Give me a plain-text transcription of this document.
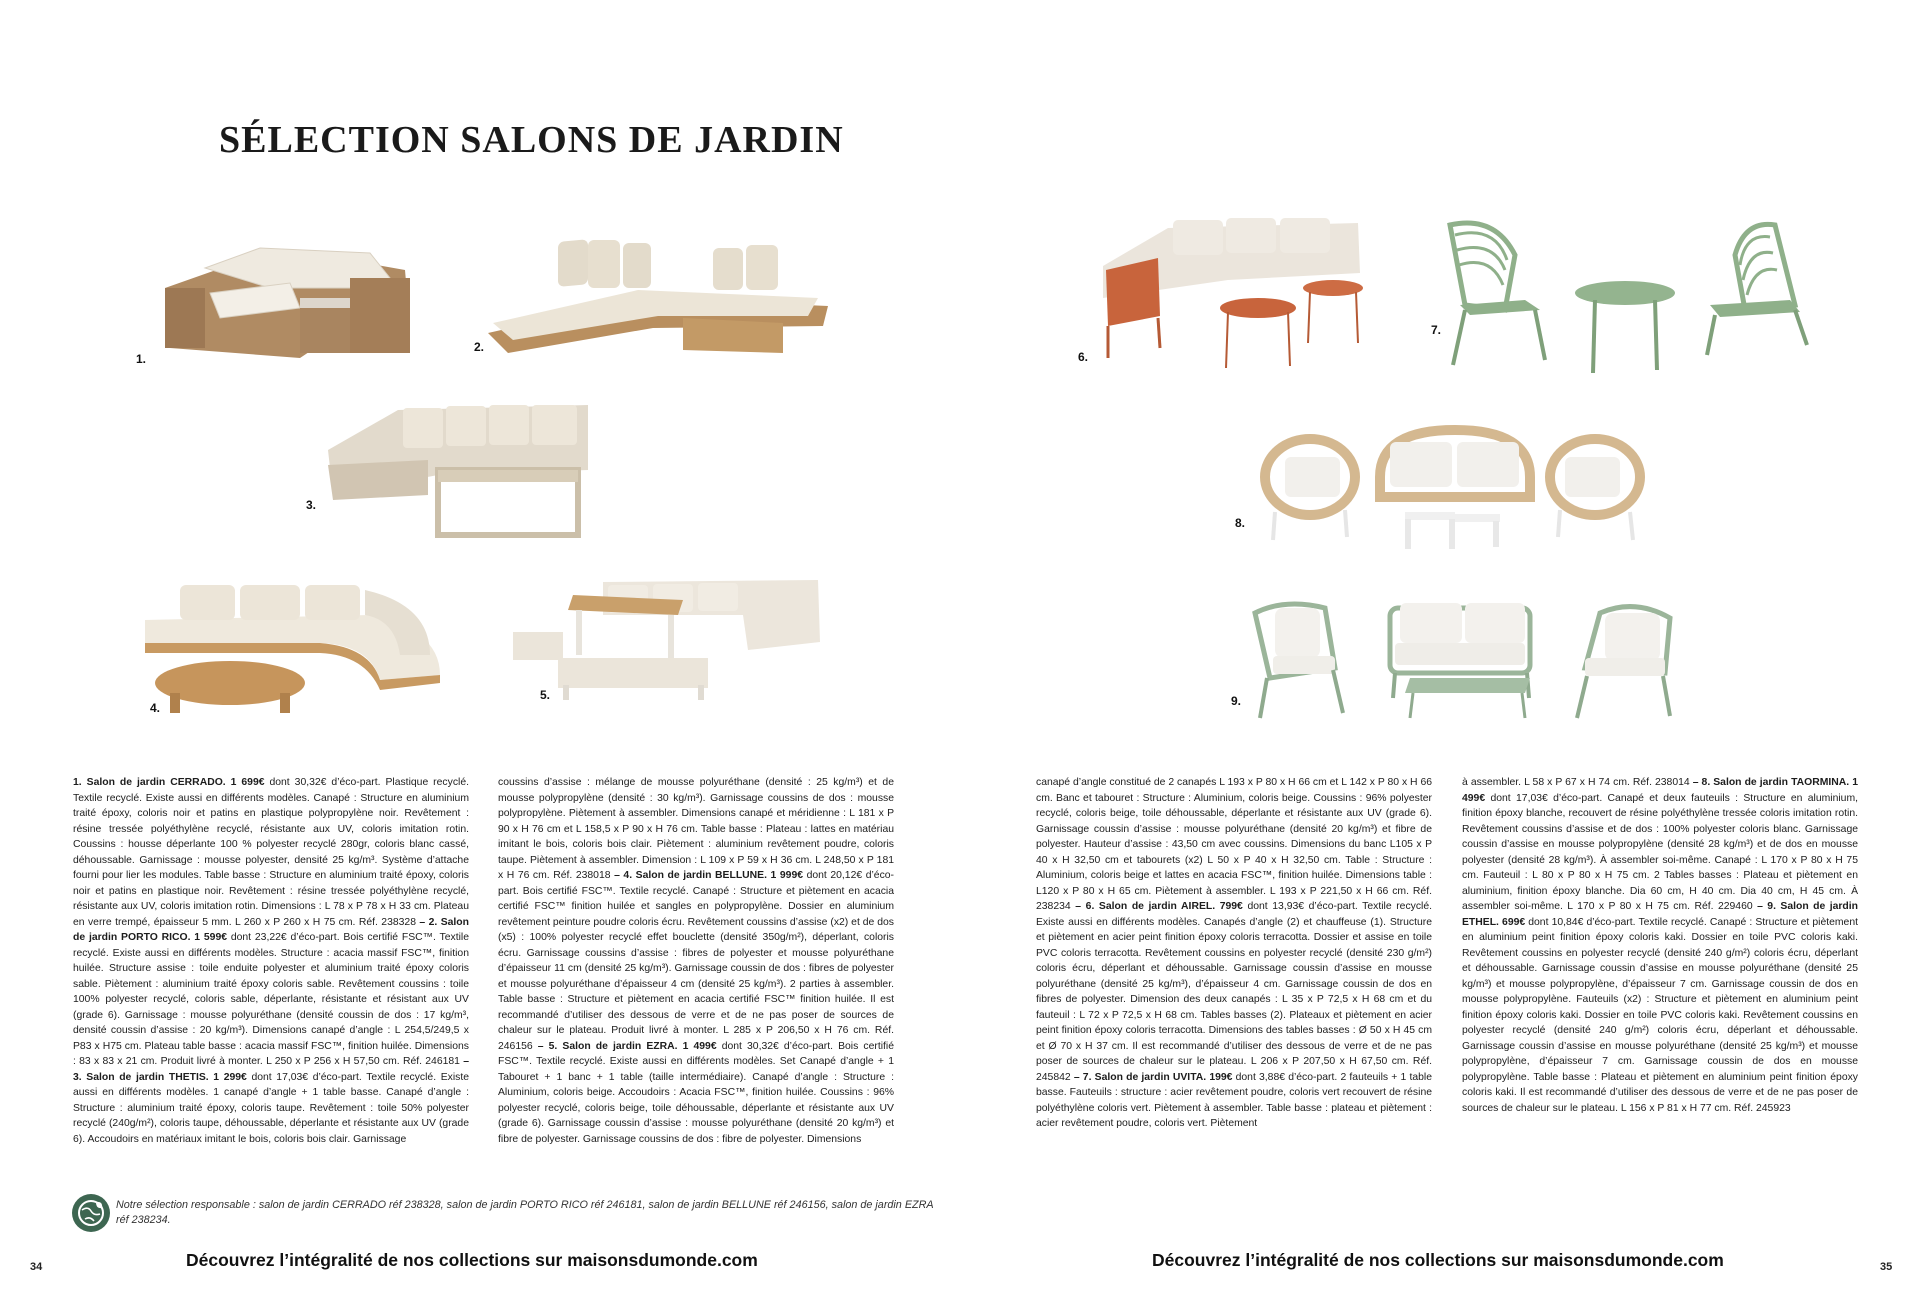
SÉLECTION SALONS DE JARDIN
1.
2.
3.
4.
5.
6.
7.
8.
9.

1. Salon de jardin CERRADO. 1 699€ dont 30,32€ d’éco-part. Plastique recyclé. Textile recyclé. Existe aussi en différents modèles. Canapé : Structure en aluminium traité époxy, coloris noir et patins en plastique polypropylène noir. Revêtement : résine tressée polyéthylène recyclé, résistante aux UV, coloris imitation rotin. Coussins : housse déperlante 100 % polyester recyclé 280gr, coloris blanc cassé, déhoussable. Garnissage : mousse polyester, densité 25 kg/m³. Système d’attache fourni pour lier les modules. Table basse : Structure en aluminium traité époxy, coloris noir et patins en plastique noir. Revêtement : résine tressée polyéthylène recyclé, résistante aux UV, coloris imitation rotin. Dimensions : L 78 x P 78 x H 33 cm. Plateau en verre trempé, épaisseur 5 mm. L 260 x P 260 x H 75 cm. Réf. 238328 – 2. Salon de jardin PORTO RICO. 1 599€ dont 23,22€ d’éco-part. Bois certifié FSC™. Textile recyclé. Existe aussi en différents modèles. Structure : acacia massif FSC™, finition huilée. Structure assise : toile enduite polyester et aluminium traité époxy coloris sable. Piètement : aluminium traité époxy coloris sable. Revêtement coussins : toile 100% polyester recyclé, coloris sable, déperlante, résistante et résistant aux UV (grade 6). Garnissage : mousse polyuréthane (densité coussin de dos : 17 kg/m³, densité coussin d’assise : 20 kg/m³). Dimensions canapé d’angle : L 254,5/249,5 x P83 x H75 cm. Plateau table basse : acacia massif FSC™, finition huilée. Dimensions : 83 x 83 x 21 cm. Produit livré à monter. L 250 x P 256 x H 57,50 cm. Réf. 246181 – 3. Salon de jardin THETIS. 1 299€ dont 17,03€ d’éco-part. Textile recyclé. Existe aussi en différents modèles. 1 canapé d’angle + 1 table basse. Canapé d’angle : Structure : aluminium traité époxy, coloris taupe. Revêtement : toile 50% polyester recyclé (240g/m²), coloris taupe, déhoussable, déperlante et résistante aux UV (grade 6). Accoudoirs en matériaux imitant le bois, coloris bois clair. Garnissage

coussins d’assise : mélange de mousse polyuréthane (densité : 25 kg/m³) et de mousse polypropylène (densité : 30 kg/m³). Garnissage coussins de dos : mousse polypropylène. Piètement à assembler. Dimensions canapé et méridienne : L 181 x P 90 x H 76 cm et L 158,5 x P 90 x H 76 cm. Table basse : Plateau : lattes en matériau imitant le bois, coloris bois clair. Piètement : aluminium revêtement poudre, coloris taupe. Piètement à assembler. Dimension : L 109 x P 59 x H 36 cm. L 248,50 x P 181 x H 76 cm. Réf. 238018 – 4. Salon de jardin BELLUNE. 1 999€ dont 20,12€ d’éco-part. Bois certifié FSC™. Textile recyclé. Canapé : Structure et piètement en acacia certifié FSC™ finition huilée et sangles en polypropylène. Dossier en aluminium revêtement peinture poudre coloris écru. Revêtement coussins d’assise (x2) et de dos (x5) : 100% polyester recyclé effet bouclette (densité 350g/m²), déperlant, coloris écru. Garnissage coussins d’assise : fibres de polyester et mousse polyuréthane d’épaisseur 11 cm (densité 25 kg/m³). Garnissage coussin de dos : fibres de polyester et mousse polyuréthane d’épaisseur 4 cm (densité 25 kg/m³). 2 parties à assembler. Table basse : Structure et piètement en acacia certifié FSC™ finition huilée. Il est recommandé d’utiliser des dessous de verre et de ne pas poser de sources de chaleur sur le plateau. Produit livré à monter. L 285 x P 206,50 x H 76 cm. Réf. 246156 – 5. Salon de jardin EZRA. 1 499€ dont 30,32€ d’éco-part. Bois certifié FSC™. Textile recyclé. Existe aussi en différents modèles. Set Canapé d’angle + 1 Tabouret + 1 banc + 1 table (taille intermédiaire). Canapé d’angle : Structure : Aluminium, coloris beige. Accoudoirs : Acacia FSC™, finition huilée. Coussins : 96% polyester recyclé, coloris beige, toile déhoussable, déperlante et résistante aux UV (grade 6). Garnissage coussin d’assise : mousse polyuréthane (densité 20 kg/m³) et fibre de polyester. Garnissage coussins de dos : fibre de polyester. Dimensions

canapé d’angle constitué de 2 canapés L 193 x P 80 x H 66 cm et L 142 x P 80 x H 66 cm. Banc et tabouret : Structure : Aluminium, coloris beige. Coussins : 96% polyester recyclé, coloris beige, toile déhoussable, déperlante et résistante aux UV (grade 6). Garnissage coussin d’assise : mousse polyuréthane (densité 20 kg/m³) et fibre de polyester. Hauteur d’assise : 43,50 cm avec coussins. Dimensions du banc L105 x P 40 x H 32,50 cm et tabourets (x2) L 50 x P 40 x H 32,50 cm. Table : Structure : Aluminium, coloris beige et lattes en acacia FSC™, finition huilée. Dimensions table : L120 x P 80 x H 65 cm. Piètement à assembler. L 193 x P 221,50 x H 66 cm. Réf. 238234 – 6. Salon de jardin AIREL. 799€ dont 13,93€ d’éco-part. Textile recyclé. Existe aussi en différents modèles. Canapés d’angle (2) et chauffeuse (1). Structure et piètement en acier peint finition époxy coloris terracotta. Dossier et assise en toile PVC coloris terracotta. Revêtement coussins en polyester recyclé (densité 230 g/m²) coloris écru, déperlant et déhoussable. Garnissage coussin d’assise en mousse polyuréthane (densité 25 kg/m³), d’épaisseur 4 cm. Garnissage coussin de dos en fibres de polyester. Dimension des deux canapés : L 35 x P 72,5 x H 68 cm et du fauteuil : L 72 x P 72,5 x H 68 cm. Tables basses (2). Plateaux et piètement en acier peint finition époxy coloris terracotta. Dimensions des tables basses : Ø 50 x H 45 cm et Ø 70 x H 37 cm. Il est recommandé d’utiliser des dessous de verre et de ne pas poser de sources de chaleur sur le plateau. L 206 x P 207,50 x H 67,50 cm. Réf. 245842 – 7. Salon de jardin UVITA. 199€ dont 3,88€ d’éco-part. 2 fauteuils + 1 table basse. Fauteuils : structure : acier revêtement poudre, coloris vert recouvert de résine polyéthylène coloris vert. Piètement à assembler. Table basse : plateau et piètement : acier revêtement poudre, coloris vert. Piètement

à assembler. L 58 x P 67 x H 74 cm. Réf. 238014 – 8. Salon de jardin TAORMINA. 1 499€ dont 17,03€ d’éco-part. Canapé et deux fauteuils : Structure en aluminium, finition époxy blanche, recouvert de résine polyéthylène tressée coloris imitation rotin. Revêtement coussins d’assise et de dos : 100% polyester coloris blanc. Garnissage coussin d’assise en mousse polypropylène (densité 28 kg/m³) et de dos en mousse polyester (densité 28 kg/m³). À assembler soi-même. Canapé : L 170 x P 80 x H 75 cm. Fauteuil : L 80 x P 80 x H 75 cm. 2 Tables basses : Plateau et piètement en aluminium, finition époxy blanche. Dia 60 cm, H 40 cm. Dia 40 cm, H 45 cm. À assembler soi-même. L 170 x P 80 x H 75 cm. Réf. 229460 – 9. Salon de jardin ETHEL. 699€ dont 10,84€ d’éco-part. Textile recyclé. Canapé : Structure et piètement en aluminium peint finition époxy coloris kaki. Dossier en toile PVC coloris kaki. Revêtement coussins en polyester recyclé (densité 240 g/m²) coloris écru, déperlant et déhoussable. Garnissage coussin d’assise en mousse polyuréthane (densité 25 kg/m³) et mousse polypropylène, d’épaisseur 7 cm. Garnissage coussin de dos en mousse polypropylène. Fauteuils (x2) : Structure et piètement en aluminium peint finition époxy coloris kaki. Dossier en toile PVC coloris kaki. Revêtement coussins en polyester recyclé (densité 240 g/m²) coloris écru, déperlant et déhoussable. Garnissage coussin d’assise en mousse polyuréthane (densité 25 kg/m³) et mousse polypropylène, d’épaisseur 7 cm. Garnissage coussin de dos en mousse polypropylène. Table basse : Plateau et piètement en aluminium peint finition époxy coloris kaki. Il est recommandé d’utiliser des dessous de verre et de ne pas poser de sources de chaleur sur le plateau. L 156 x P 81 x H 77 cm. Réf. 245923

Notre sélection responsable : salon de jardin CERRADO réf 238328, salon de jardin PORTO RICO réf 246181, salon de jardin BELLUNE réf 246156, salon de jardin EZRA réf 238234.
34	Découvrez l’intégralité de nos collections sur maisonsdumonde.com	Découvrez l’intégralité de nos collections sur maisonsdumonde.com	35
